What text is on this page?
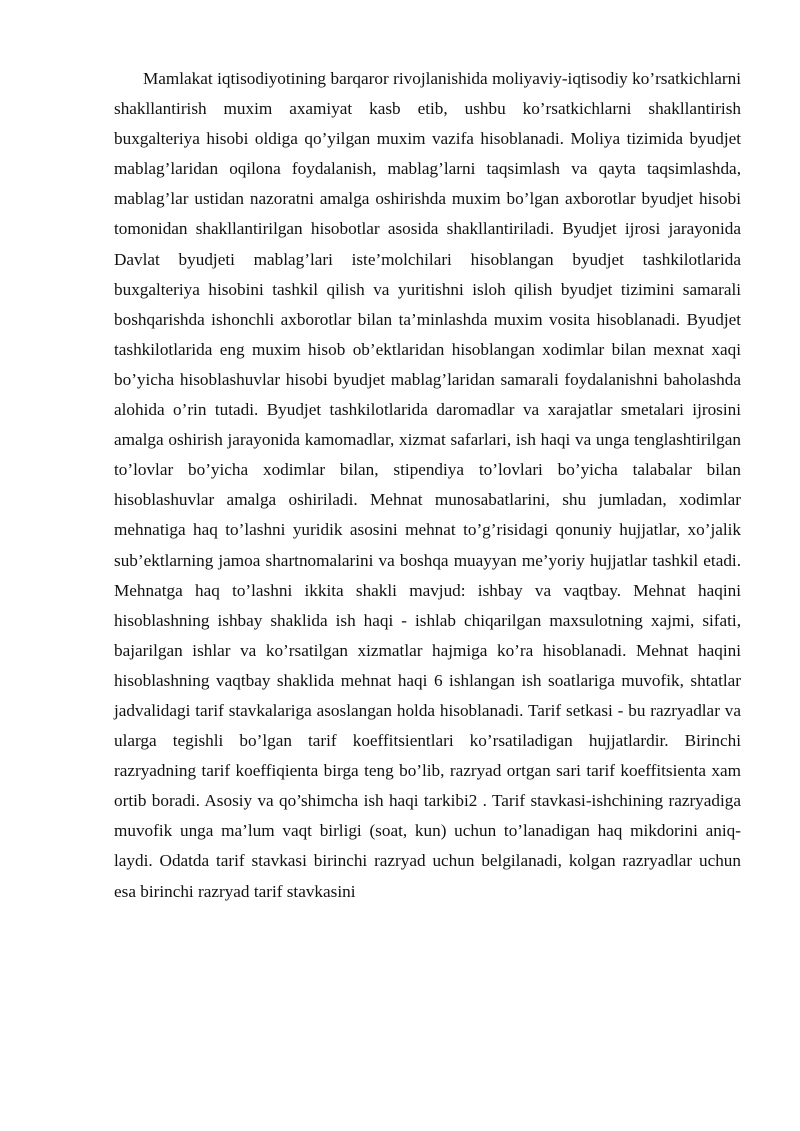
Mamlakat iqtisodiyotining barqaror rivojlanishida moliyaviy-iqtisodiy ko’rsatkichlarni shakllantirish muxim axamiyat kasb etib, ushbu ko’rsatkichlarni shakllantirish buxgalteriya hisobi oldiga qo’yilgan muxim vazifa hisoblanadi. Moliya tizimida byudjet mablag’laridan oqilona foydalanish, mablag’larni taqsimlash va qayta taqsimlashda, mablag’lar ustidan nazoratni amalga oshirishda muxim bo’lgan axborotlar byudjet hisobi tomonidan shakllantirilgan hisobotlar asosida shakllantiriladi. Byudjet ijrosi jarayonida Davlat byudjeti mablag’lari iste’molchilari hisoblangan byudjet tashkilotlarida buxgalteriya hisobini tashkil qilish va yuritishni isloh qilish byudjet tizimini samarali boshqarishda ishonchli axborotlar bilan ta’minlashda muxim vosita hisoblanadi. Byudjet tashkilotlarida eng muxim hisob ob’ektlaridan hisoblangan xodimlar bilan mexnat xaqi bo’yicha hisoblashuvlar hisobi byudjet mablag’laridan samarali foydalanishni baholashda alohida o’rin tutadi. Byudjet tashkilotlarida daromadlar va xarajatlar smetalari ijrosini amalga oshirish jarayonida kamomadlar, xizmat safarlari, ish haqi va unga tenglashtirilgan to’lovlar bo’yicha xodimlar bilan, stipendiya to’lovlari bo’yicha talabalar bilan hisoblashuvlar amalga oshiriladi. Mehnat munosabatlarini, shu jumladan, xodimlar mehnatiga haq to’lashni yuridik asosini mehnat to’g’risidagi qonuniy hujjatlar, xo’jalik sub’ektlarning jamoa shartnomalarini va boshqa muayyan me’yoriy hujjatlar tashkil etadi. Mehnatga haq to’lashni ikkita shakli mavjud: ishbay va vaqtbay. Mehnat haqini hisoblashning ishbay shaklida ish haqi - ishlab chiqarilgan maxsulotning xajmi, sifati, bajarilgan ishlar va ko’rsatilgan xizmatlar hajmiga ko’ra hisoblanadi. Mehnat haqini hisoblashning vaqtbay shaklida mehnat haqi 6 ishlangan ish soatlariga muvofik, shtatlar jadvalidagi tarif stavkalariga asoslangan holda hisoblanadi. Tarif setkasi - bu razryadlar va ularga tegishli bo’lgan tarif koeffitsientlari ko’rsatiladigan hujjatlardir. Birinchi razryadning tarif koeffiqienta birga teng bo’lib, razryad ortgan sari tarif koeffitsienta xam ortib boradi. Asosiy va qo’shimcha ish haqi tarkibi2 . Tarif stavkasi-ishchining razryadiga muvofik unga ma’lum vaqt birligi (soat, kun) uchun to’lanadigan haq mikdorini aniq- laydi. Odatda tarif stavkasi birinchi razryad uchun belgilanadi, kolgan razryadlar uchun esa birinchi razryad tarif stavkasini
